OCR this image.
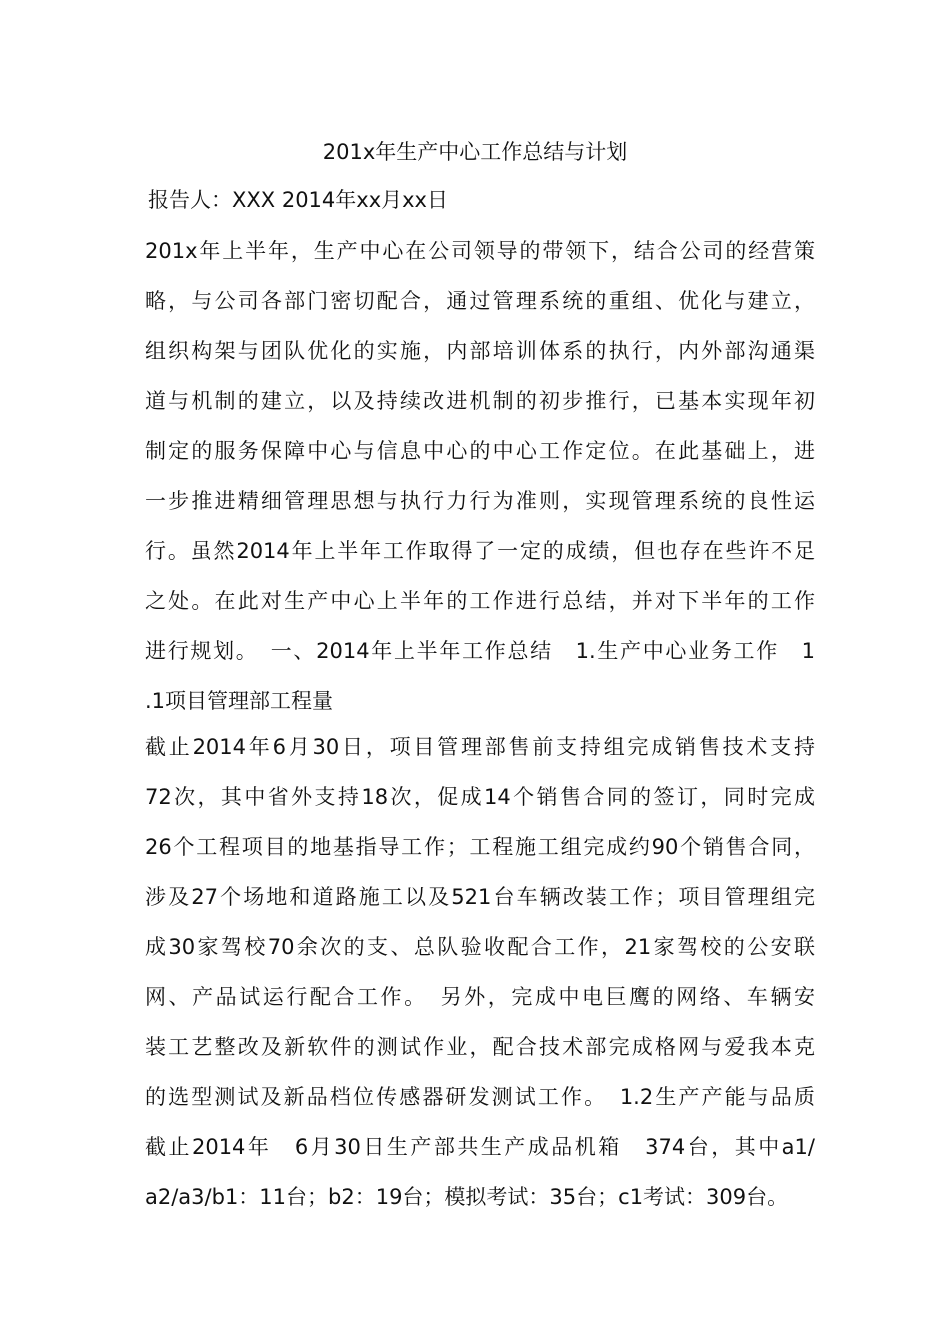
201x年生产中心工作总结与计划
报告人：XXX 2014年xx月xx日
201x年上半年，生产中心在公司领导的带领下，结合公司的经营策
略，与公司各部门密切配合，通过管理系统的重组、优化与建立，
组织构架与团队优化的实施，内部培训体系的执行，内外部沟通渠
道与机制的建立，以及持续改进机制的初步推行，已基本实现年初
制定的服务保障中心与信息中心的中心工作定位。在此基础上，进
一步推进精细管理思想与执行力行为准则，实现管理系统的良性运
行。虽然2014年上半年工作取得了一定的成绩，但也存在些许不足
之处。在此对生产中心上半年的工作进行总结，并对下半年的工作
进行规划。　一、2014年上半年工作总结　1.生产中心业务工作　1
.1项目管理部工程量
截止2014年6月30日，项目管理部售前支持组完成销售技术支持
72次，其中省外支持18次，促成14个销售合同的签订，同时完成
26个工程项目的地基指导工作；工程施工组完成约90个销售合同，
涉及27个场地和道路施工以及521台车辆改装工作；项目管理组完
成30家驾校70余次的支、总队验收配合工作，21家驾校的公安联
网、产品试运行配合工作。　另外，完成中电巨鹰的网络、车辆安
装工艺整改及新软件的测试作业，配合技术部完成格网与爱我本克
的选型测试及新品档位传感器研发测试工作。　1.2生产产能与品质
截止2014年　6月30日生产部共生产成品机箱　374台，其中a1/
a2/a3/b1：11台；b2：19台；模拟考试：35台；c1考试：309台。
